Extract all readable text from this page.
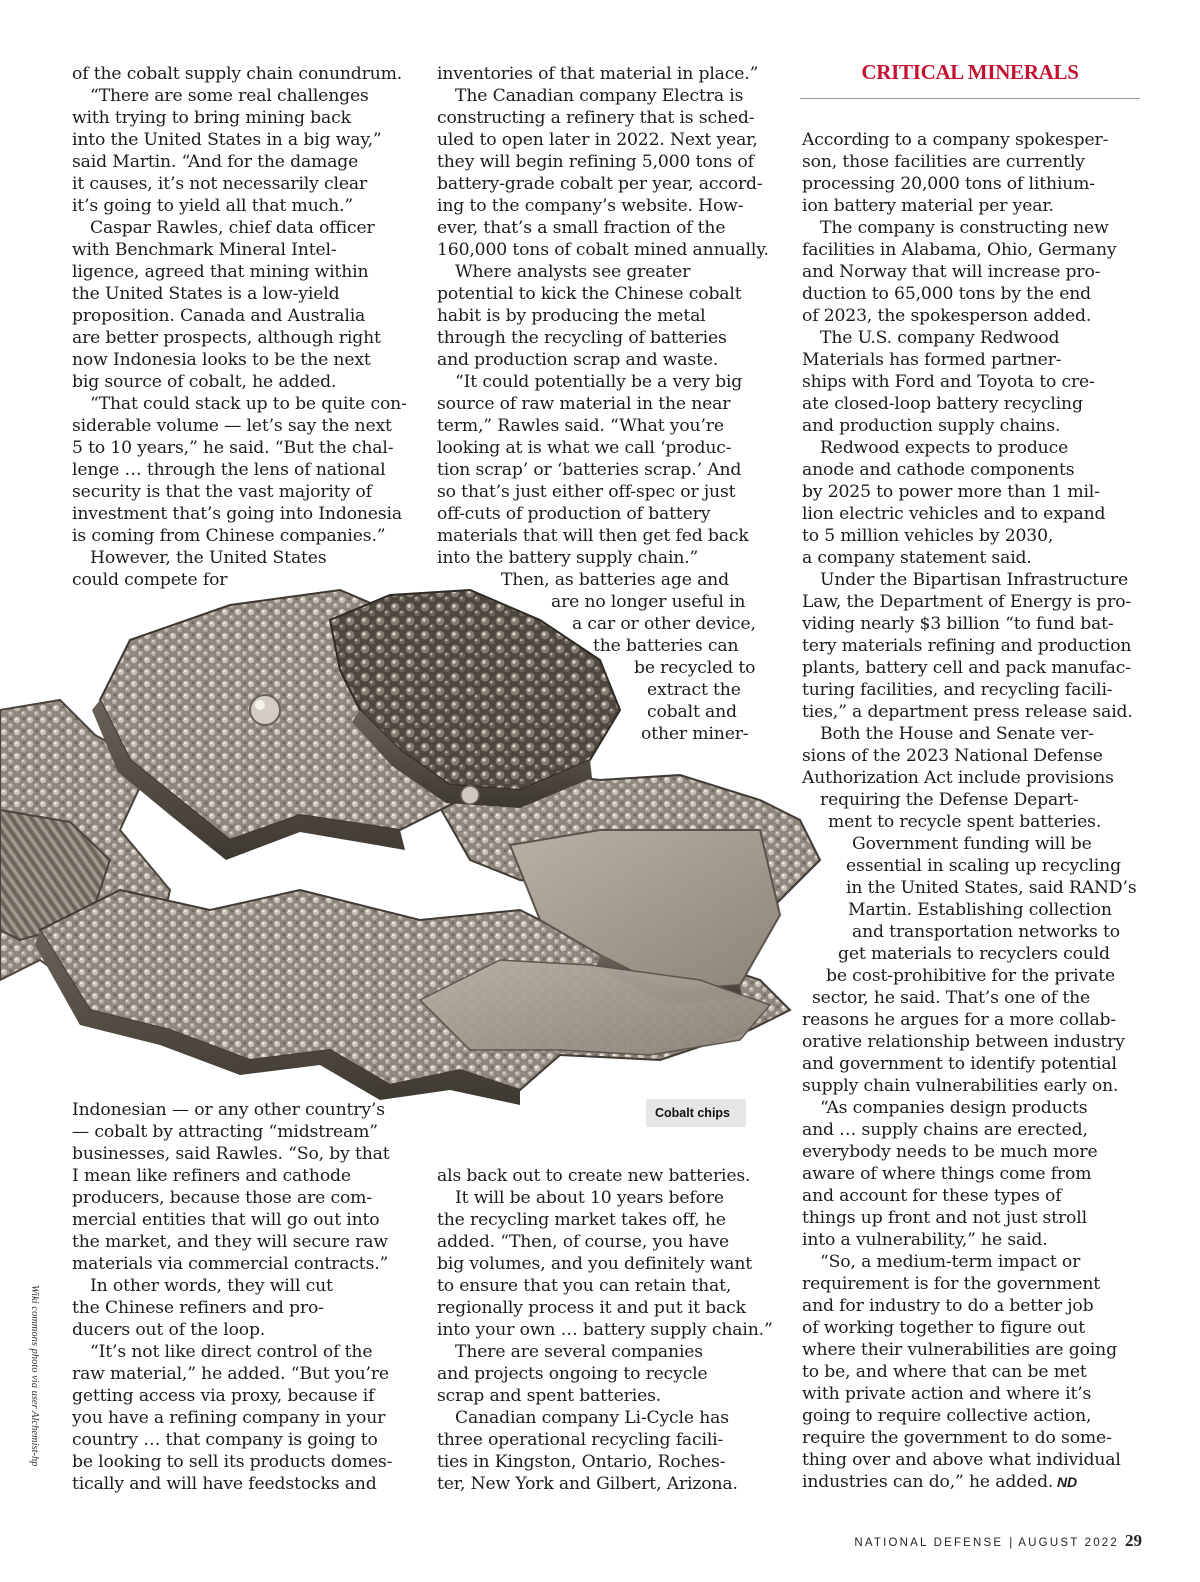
CRITICAL MINERALS
of the cobalt supply chain conundrum.
“There are some real challenges
with trying to bring mining back
into the United States in a big way,”
said Martin. “And for the damage
it causes, it’s not necessarily clear
it’s going to yield all that much.”
Caspar Rawles, chief data officer
with Benchmark Mineral Intel-
ligence, agreed that mining within
the United States is a low-yield
proposition. Canada and Australia
are better prospects, although right
now Indonesia looks to be the next
big source of cobalt, he added.
“That could stack up to be quite con-
siderable volume — let’s say the next
5 to 10 years,” he said. “But the chal-
lenge … through the lens of national
security is that the vast majority of
investment that’s going into Indonesia
is coming from Chinese companies.”
However, the United States
could compete for
Indonesian — or any other country’s
— cobalt by attracting “midstream”
businesses, said Rawles. “So, by that
I mean like refiners and cathode
producers, because those are com-
mercial entities that will go out into
the market, and they will secure raw
materials via commercial contracts.”
In other words, they will cut
the Chinese refiners and pro-
ducers out of the loop.
“It’s not like direct control of the
raw material,” he added. “But you’re
getting access via proxy, because if
you have a refining company in your
country … that company is going to
be looking to sell its products domes-
tically and will have feedstocks and
inventories of that material in place.”
The Canadian company Electra is
constructing a refinery that is sched-
uled to open later in 2022. Next year,
they will begin refining 5,000 tons of
battery-grade cobalt per year, accord-
ing to the company’s website. How-
ever, that’s a small fraction of the
160,000 tons of cobalt mined annually.
Where analysts see greater
potential to kick the Chinese cobalt
habit is by producing the metal
through the recycling of batteries
and production scrap and waste.
“It could potentially be a very big
source of raw material in the near
term,” Rawles said. “What you’re
looking at is what we call ‘produc-
tion scrap’ or ‘batteries scrap.’ And
so that’s just either off-spec or just
off-cuts of production of battery
materials that will then get fed back
into the battery supply chain.”
Then, as batteries age and
are no longer useful in
a car or other device,
the batteries can
be recycled to
extract the
cobalt and
other miner-
als back out to create new batteries.
It will be about 10 years before
the recycling market takes off, he
added. “Then, of course, you have
big volumes, and you definitely want
to ensure that you can retain that,
regionally process it and put it back
into your own … battery supply chain.”
There are several companies
and projects ongoing to recycle
scrap and spent batteries.
Canadian company Li-Cycle has
three operational recycling facili-
ties in Kingston, Ontario, Roches-
ter, New York and Gilbert, Arizona.
According to a company spokesper-
son, those facilities are currently
processing 20,000 tons of lithium-
ion battery material per year.
The company is constructing new
facilities in Alabama, Ohio, Germany
and Norway that will increase pro-
duction to 65,000 tons by the end
of 2023, the spokesperson added.
The U.S. company Redwood
Materials has formed partner-
ships with Ford and Toyota to cre-
ate closed-loop battery recycling
and production supply chains.
Redwood expects to produce
anode and cathode components
by 2025 to power more than 1 mil-
lion electric vehicles and to expand
to 5 million vehicles by 2030,
a company statement said.
Under the Bipartisan Infrastructure
Law, the Department of Energy is pro-
viding nearly $3 billion “to fund bat-
tery materials refining and production
plants, battery cell and pack manufac-
turing facilities, and recycling facili-
ties,” a department press release said.
Both the House and Senate ver-
sions of the 2023 National Defense
Authorization Act include provisions
requiring the Defense Depart-
ment to recycle spent batteries.
Government funding will be
essential in scaling up recycling
in the United States, said RAND’s
Martin. Establishing collection
and transportation networks to
get materials to recyclers could
be cost-prohibitive for the private
sector, he said. That’s one of the
reasons he argues for a more collab-
orative relationship between industry
and government to identify potential
supply chain vulnerabilities early on.
“As companies design products
and … supply chains are erected,
everybody needs to be much more
aware of where things come from
and account for these types of
things up front and not just stroll
into a vulnerability,” he said.
“So, a medium-term impact or
requirement is for the government
and for industry to do a better job
of working together to figure out
where their vulnerabilities are going
to be, and where that can be met
with private action and where it’s
going to require collective action,
require the government to do some-
thing over and above what individual
industries can do,” he added. ND
Cobalt chips
Wiki commons photo via user Alchemist-hp
NATIONAL DEFENSE | AUGUST 2022 29
